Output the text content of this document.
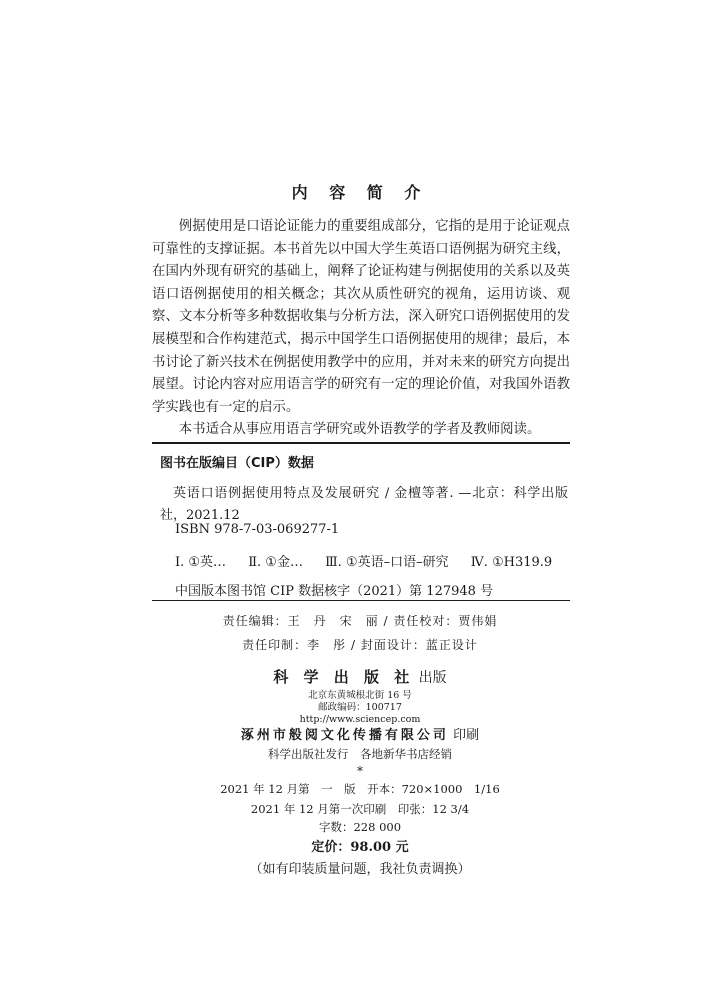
内 容 简 介

例据使用是口语论证能力的重要组成部分，它指的是用于论证观点可靠性的支撑证据。本书首先以中国大学生英语口语例据为研究主线，在国内外现有研究的基础上，阐释了论证构建与例据使用的关系以及英语口语例据使用的相关概念；其次从质性研究的视角，运用访谈、观察、文本分析等多种数据收集与分析方法，深入研究口语例据使用的发展模型和合作构建范式，揭示中国学生口语例据使用的规律；最后，本书讨论了新兴技术在例据使用教学中的应用，并对未来的研究方向提出展望。讨论内容对应用语言学的研究有一定的理论价值，对我国外语教学实践也有一定的启示。

本书适合从事应用语言学研究或外语教学的学者及教师阅读。

图书在版编目（CIP）数据
英语口语例据使用特点及发展研究 / 金檀等著. —北京：科学出版社，2021.12
ISBN 978-7-03-069277-1
Ⅰ. ①英… Ⅱ. ①金… Ⅲ. ①英语–口语–研究 Ⅳ. ①H319.9
中国版本图书馆 CIP 数据核字（2021）第 127948 号
责任编辑：王　丹　宋　丽 / 责任校对：贾伟娟
责任印制：李　彤 / 封面设计：蓝正设计
科 学 出 版 社 出版
北京东黄城根北街 16 号
邮政编码：100717
http://www.sciencep.com
涿州市般阅文化传播有限公司 印刷
科学出版社发行　各地新华书店经销
*
2021 年 12 月第　一　版　开本：720×1000　1/16
2021 年 12 月第一次印刷　印张：12 3/4
字数：228 000
定价：98.00 元
（如有印装质量问题，我社负责调换）
